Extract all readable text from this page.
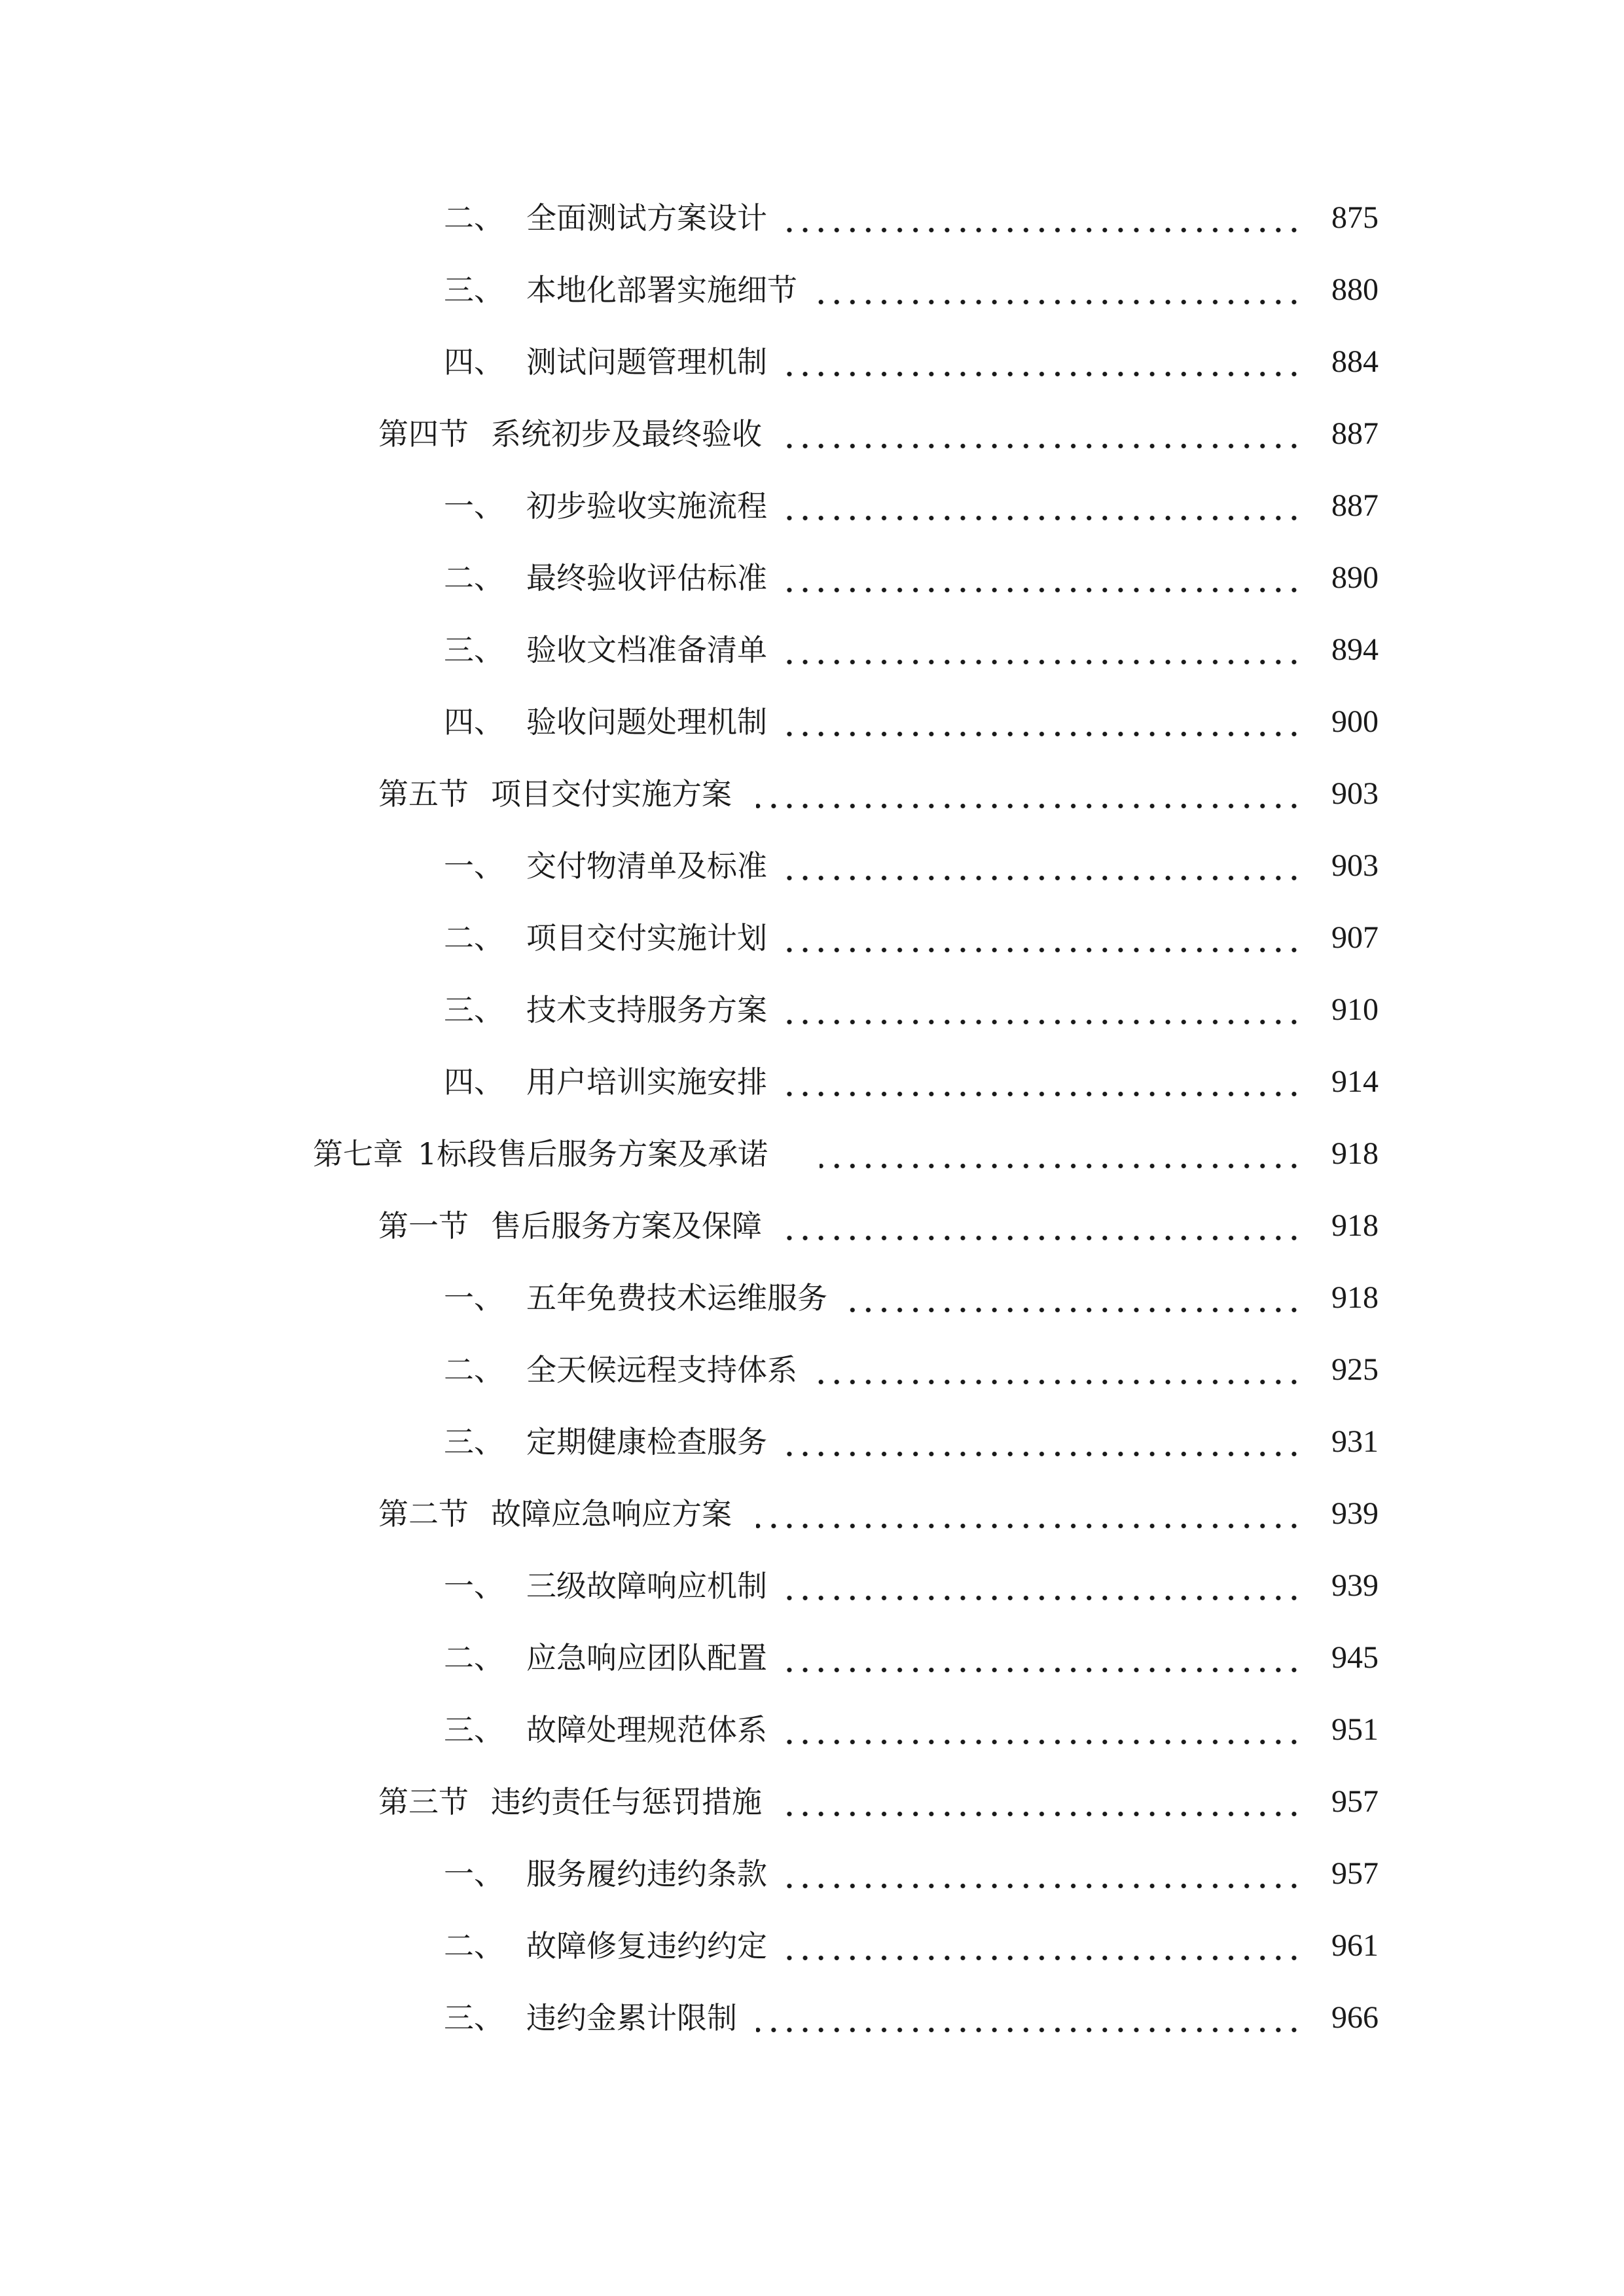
二、 全面测试方案设计	875
三、 本地化部署实施细节	880
四、 测试问题管理机制	884
第四节 系统初步及最终验收	887
一、 初步验收实施流程	887
二、 最终验收评估标准	890
三、 验收文档准备清单	894
四、 验收问题处理机制	900
第五节 项目交付实施方案	903
一、 交付物清单及标准	903
二、 项目交付实施计划	907
三、 技术支持服务方案	910
四、 用户培训实施安排	914
第七章 1标段售后服务方案及承诺	918
第一节 售后服务方案及保障	918
一、 五年免费技术运维服务	918
二、 全天候远程支持体系	925
三、 定期健康检查服务	931
第二节 故障应急响应方案	939
一、 三级故障响应机制	939
二、 应急响应团队配置	945
三、 故障处理规范体系	951
第三节 违约责任与惩罚措施	957
一、 服务履约违约条款	957
二、 故障修复违约约定	961
三、 违约金累计限制	966
